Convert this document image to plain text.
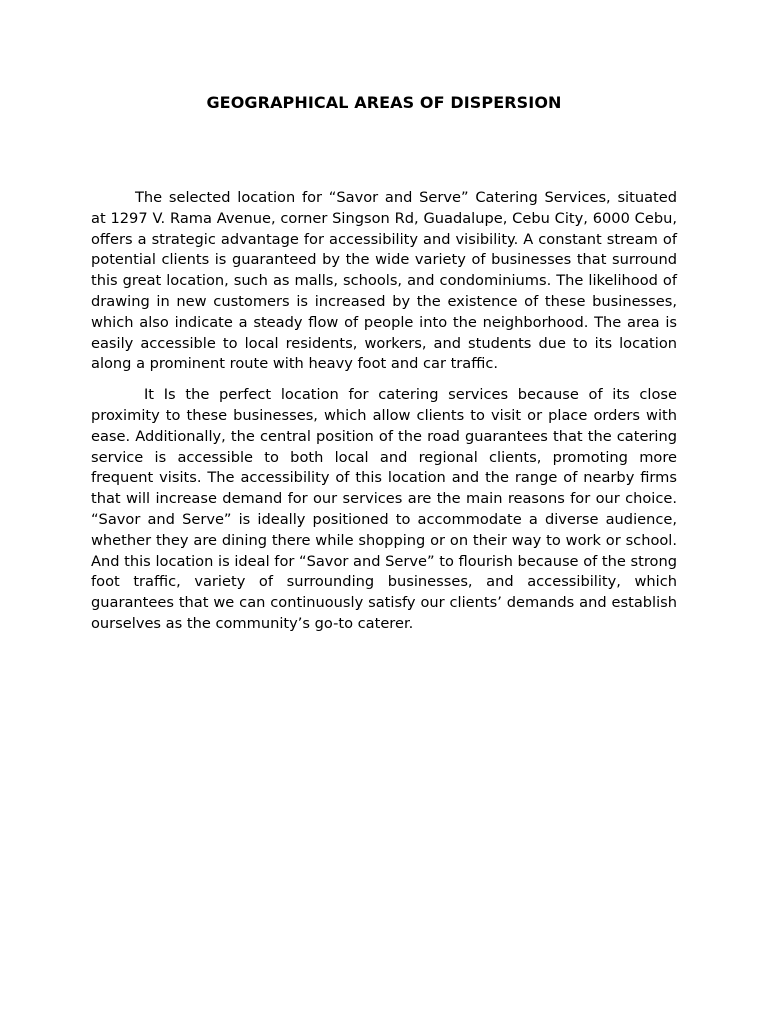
GEOGRAPHICAL AREAS OF DISPERSION

The selected location for “Savor and Serve” Catering Services, situated at 1297 V. Rama Avenue, corner Singson Rd, Guadalupe, Cebu City, 6000 Cebu, offers a strategic advantage for accessibility and visibility. A constant stream of potential clients is guaranteed by the wide variety of businesses that surround this great location, such as malls, schools, and condominiums. The likelihood of drawing in new customers is increased by the existence of these businesses, which also indicate a steady flow of people into the neighborhood. The area is easily accessible to local residents, workers, and students due to its location along a prominent route with heavy foot and car traffic.

It Is the perfect location for catering services because of its close proximity to these businesses, which allow clients to visit or place orders with ease. Additionally, the central position of the road guarantees that the catering service is accessible to both local and regional clients, promoting more frequent visits. The accessibility of this location and the range of nearby firms that will increase demand for our services are the main reasons for our choice. “Savor and Serve” is ideally positioned to accommodate a diverse audience, whether they are dining there while shopping or on their way to work or school. And this location is ideal for “Savor and Serve” to flourish because of the strong foot traffic, variety of surrounding businesses, and accessibility, which guarantees that we can continuously satisfy our clients’ demands and establish ourselves as the community’s go-to caterer.
